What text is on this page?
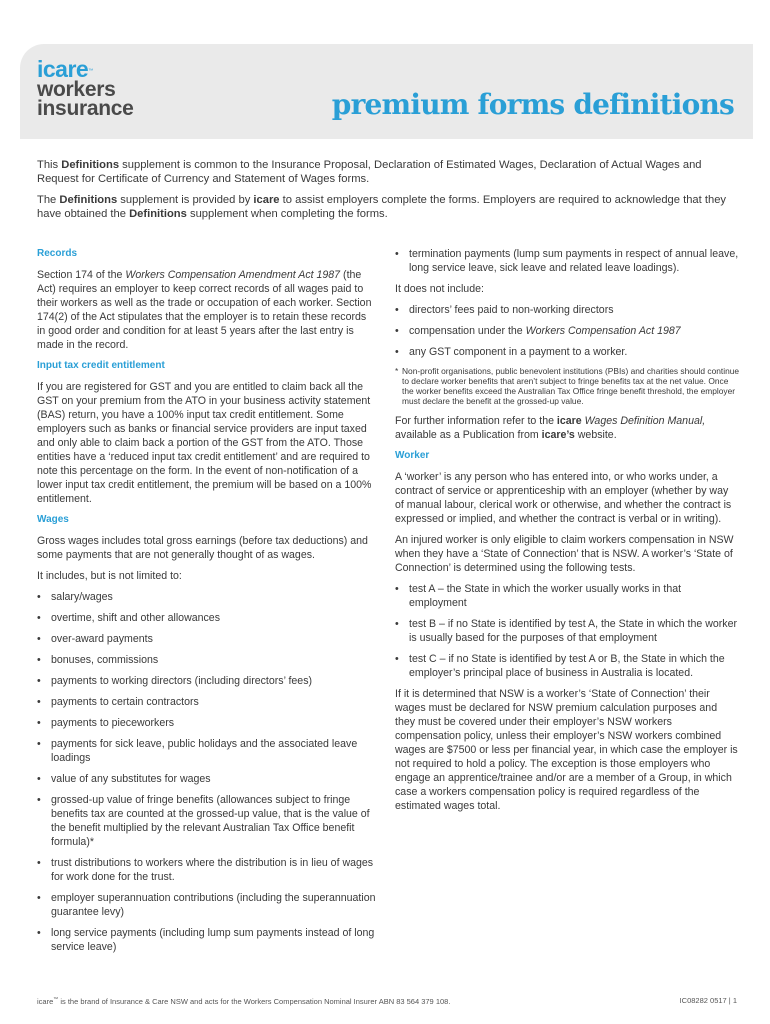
icare™
workers
insurance	premium forms definitions

This Definitions supplement is common to the Insurance Proposal, Declaration of Estimated Wages, Declaration of Actual Wages and Request for Certificate of Currency and Statement of Wages forms.

The Definitions supplement is provided by icare to assist employers complete the forms. Employers are required to acknowledge that they have obtained the Definitions supplement when completing the forms.

Records

Section 174 of the Workers Compensation Amendment Act 1987 (the Act) requires an employer to keep correct records of all wages paid to their workers as well as the trade or occupation of each worker. Section 174(2) of the Act stipulates that the employer is to retain these records in good order and condition for at least 5 years after the last entry is made in the record.

Input tax credit entitlement

If you are registered for GST and you are entitled to claim back all the GST on your premium from the ATO in your business activity statement (BAS) return, you have a 100% input tax credit entitlement. Some employers such as banks or financial service providers are input taxed and only able to claim back a portion of the GST from the ATO. Those entities have a ‘reduced input tax credit entitlement’ and are required to note this percentage on the form. In the event of non-notification of a lower input tax credit entitlement, the premium will be based on a 100% entitlement.

Wages

Gross wages includes total gross earnings (before tax deductions) and some payments that are not generally thought of as wages.

It includes, but is not limited to:

• salary/wages
• overtime, shift and other allowances
• over-award payments
• bonuses, commissions
• payments to working directors (including directors’ fees)
• payments to certain contractors
• payments to pieceworkers
• payments for sick leave, public holidays and the associated leave loadings
• value of any substitutes for wages
• grossed-up value of fringe benefits (allowances subject to fringe benefits tax are counted at the grossed-up value, that is the value of the benefit multiplied by the relevant Australian Tax Office benefit formula)*
• trust distributions to workers where the distribution is in lieu of wages for work done for the trust.
• employer superannuation contributions (including the superannuation guarantee levy)
• long service payments (including lump sum payments instead of long service leave)
• termination payments (lump sum payments in respect of annual leave, long service leave, sick leave and related leave loadings).

It does not include:

• directors’ fees paid to non-working directors
• compensation under the Workers Compensation Act 1987
• any GST component in a payment to a worker.
* Non-profit organisations, public benevolent institutions (PBIs) and charities should continue to declare worker benefits that aren’t subject to fringe benefits tax at the net value. Once the worker benefits exceed the Australian Tax Office fringe benefit threshold, the employer must declare the benefit at the grossed-up value.

For further information refer to the icare Wages Definition Manual, available as a Publication from icare’s website.

Worker

A ‘worker’ is any person who has entered into, or who works under, a contract of service or apprenticeship with an employer (whether by way of manual labour, clerical work or otherwise, and whether the contract is expressed or implied, and whether the contract is verbal or in writing).

An injured worker is only eligible to claim workers compensation in NSW when they have a ‘State of Connection’ that is NSW. A worker’s ‘State of Connection’ is determined using the following tests.

• test A – the State in which the worker usually works in that employment
• test B – if no State is identified by test A, the State in which the worker is usually based for the purposes of that employment
• test C – if no State is identified by test A or B, the State in which the employer’s principal place of business in Australia is located.

If it is determined that NSW is a worker’s ‘State of Connection’ their wages must be declared for NSW premium calculation purposes and they must be covered under their employer’s NSW workers compensation policy, unless their employer’s NSW workers combined wages are $7500 or less per financial year, in which case the employer is not required to hold a policy. The exception is those employers who engage an apprentice/trainee and/or are a member of a Group, in which case a workers compensation policy is required regardless of the estimated wages total.

icare™ is the brand of Insurance & Care NSW and acts for the Workers Compensation Nominal Insurer ABN 83 564 379 108.	IC08282 0517 | 1
